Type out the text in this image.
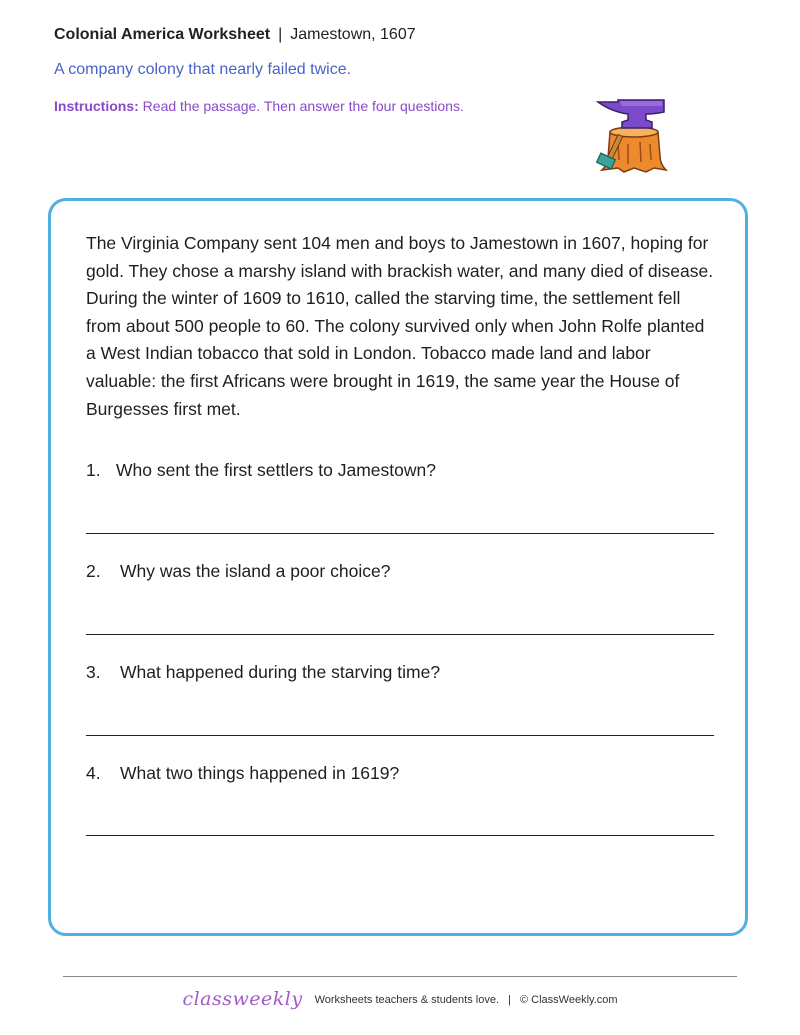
Colonial America Worksheet | Jamestown, 1607
A company colony that nearly failed twice.
Instructions: Read the passage. Then answer the four questions.

The Virginia Company sent 104 men and boys to Jamestown in 1607, hoping for gold. They chose a marshy island with brackish water, and many died of disease. During the winter of 1609 to 1610, called the starving time, the settlement fell from about 500 people to 60. The colony survived only when John Rolfe planted a West Indian tobacco that sold in London. Tobacco made land and labor valuable: the first Africans were brought in 1619, the same year the House of Burgesses first met.

1. Who sent the first settlers to Jamestown?
2. Why was the island a poor choice?
3. What happened during the starving time?
4. What two things happened in 1619?
classweekly Worksheets teachers & students love. | © ClassWeekly.com
